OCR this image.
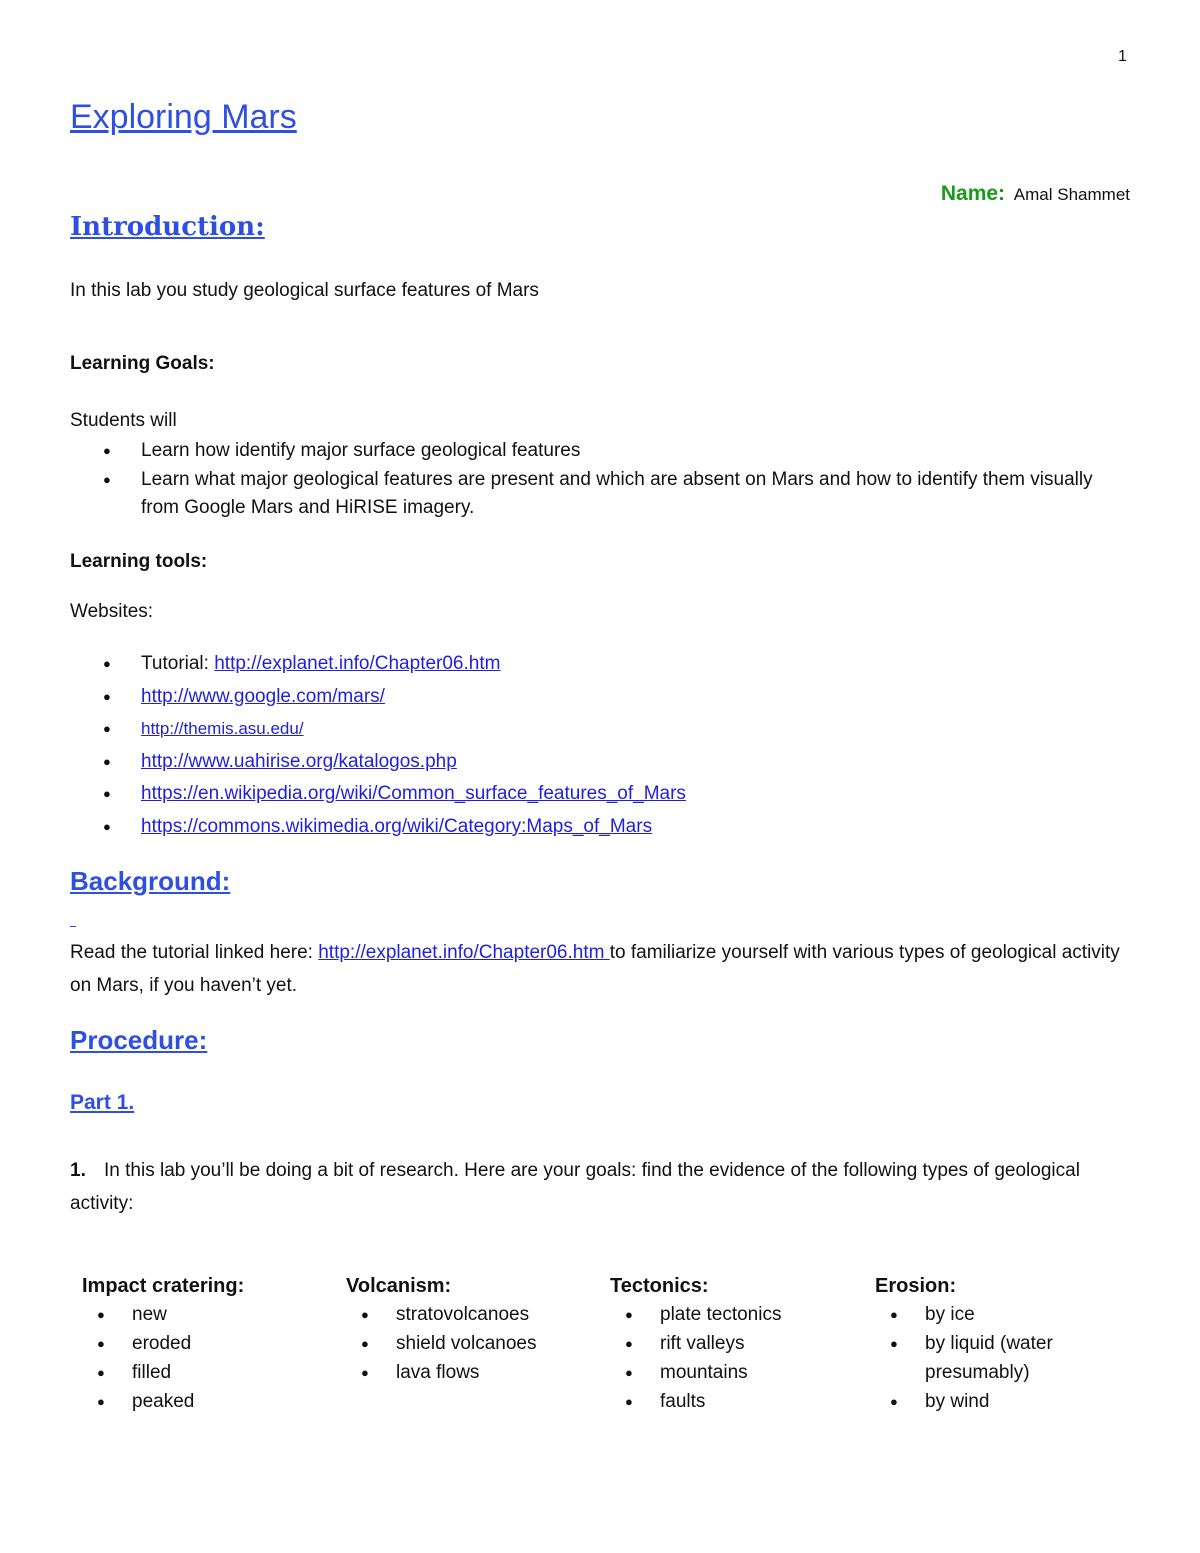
1
Exploring Mars
Name: Amal Shammet
Introduction:
In this lab you study geological surface features of Mars
Learning Goals:
Students will
● Learn how identify major surface geological features
● Learn what major geological features are present and which are absent on Mars and how to identify them visually from Google Mars and HiRISE imagery.
Learning tools:
Websites:
● Tutorial: http://explanet.info/Chapter06.htm
● http://www.google.com/mars/
● http://themis.asu.edu/
● http://www.uahirise.org/katalogos.php
● https://en.wikipedia.org/wiki/Common_surface_features_of_Mars
● https://commons.wikimedia.org/wiki/Category:Maps_of_Mars
Background:
Read the tutorial linked here: http://explanet.info/Chapter06.htm to familiarize yourself with various types of geological activity on Mars, if you haven’t yet.
Procedure:
Part 1.
1. In this lab you’ll be doing a bit of research. Here are your goals: find the evidence of the following types of geological activity:
Impact cratering:
● new
● eroded
● filled
● peaked
Volcanism:
● stratovolcanoes
● shield volcanoes
● lava flows
Tectonics:
● plate tectonics
● rift valleys
● mountains
● faults
Erosion:
● by ice
● by liquid (water presumably)
● by wind
